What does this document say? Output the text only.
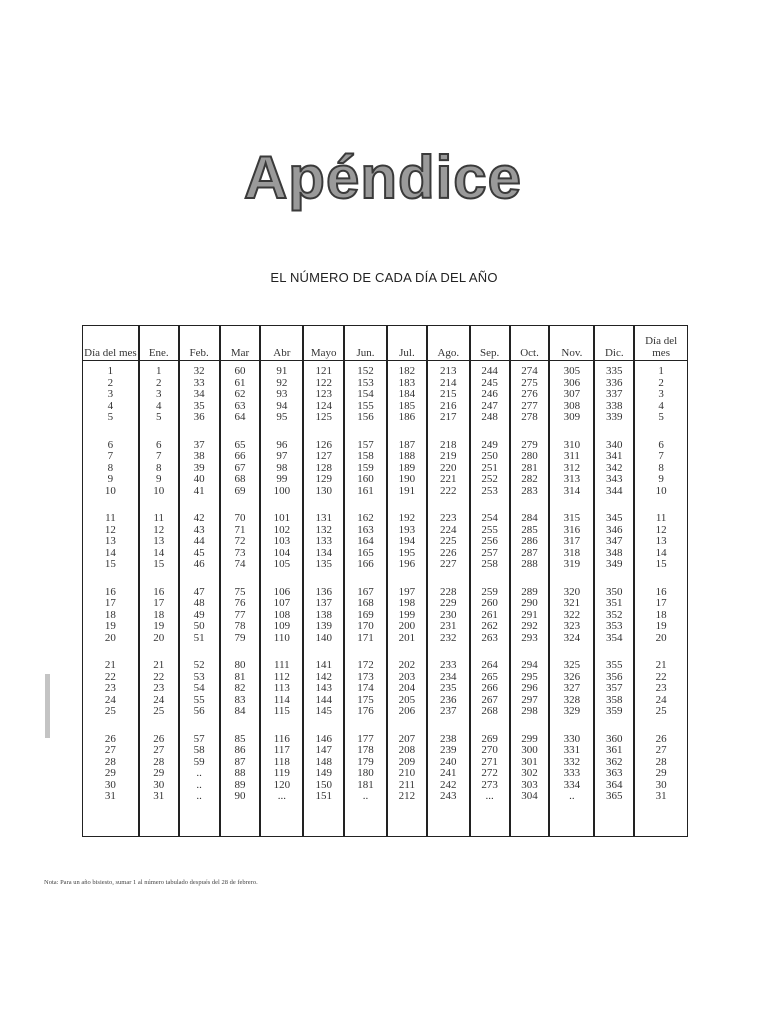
Apéndice
EL NÚMERO DE CADA DÍA DEL AÑO
Día del mes
1
2
3
4
5
6
7
8
9
10
11
12
13
14
15
16
17
18
19
20
21
22
23
24
25
26
27
28
29
30
31
Ene.
1
2
3
4
5
6
7
8
9
10
11
12
13
14
15
16
17
18
19
20
21
22
23
24
25
26
27
28
29
30
31
Feb.
32
33
34
35
36
37
38
39
40
41
42
43
44
45
46
47
48
49
50
51
52
53
54
55
56
57
58
59
..
..
..
Mar
60
61
62
63
64
65
66
67
68
69
70
71
72
73
74
75
76
77
78
79
80
81
82
83
84
85
86
87
88
89
90
Abr
91
92
93
94
95
96
97
98
99
100
101
102
103
104
105
106
107
108
109
110
111
112
113
114
115
116
117
118
119
120
...
Mayo
121
122
123
124
125
126
127
128
129
130
131
132
133
134
135
136
137
138
139
140
141
142
143
144
145
146
147
148
149
150
151
Jun.
152
153
154
155
156
157
158
159
160
161
162
163
164
165
166
167
168
169
170
171
172
173
174
175
176
177
178
179
180
181
..
Jul.
182
183
184
185
186
187
188
189
190
191
192
193
194
195
196
197
198
199
200
201
202
203
204
205
206
207
208
209
210
211
212
Ago.
213
214
215
216
217
218
219
220
221
222
223
224
225
226
227
228
229
230
231
232
233
234
235
236
237
238
239
240
241
242
243
Sep.
244
245
246
247
248
249
250
251
252
253
254
255
256
257
258
259
260
261
262
263
264
265
266
267
268
269
270
271
272
273
...
Oct.
274
275
276
277
278
279
280
281
282
283
284
285
286
287
288
289
290
291
292
293
294
295
296
297
298
299
300
301
302
303
304
Nov.
305
306
307
308
309
310
311
312
313
314
315
316
317
318
319
320
321
322
323
324
325
326
327
328
329
330
331
332
333
334
..
Dic.
335
336
337
338
339
340
341
342
343
344
345
346
347
348
349
350
351
352
353
354
355
356
357
358
359
360
361
362
363
364
365
Día del mes
1
2
3
4
5
6
7
8
9
10
11
12
13
14
15
16
17
18
19
20
21
22
23
24
25
26
27
28
29
30
31
Nota: Para un año bisiesto, sumar 1 al número tabulado después del 28 de febrero.
